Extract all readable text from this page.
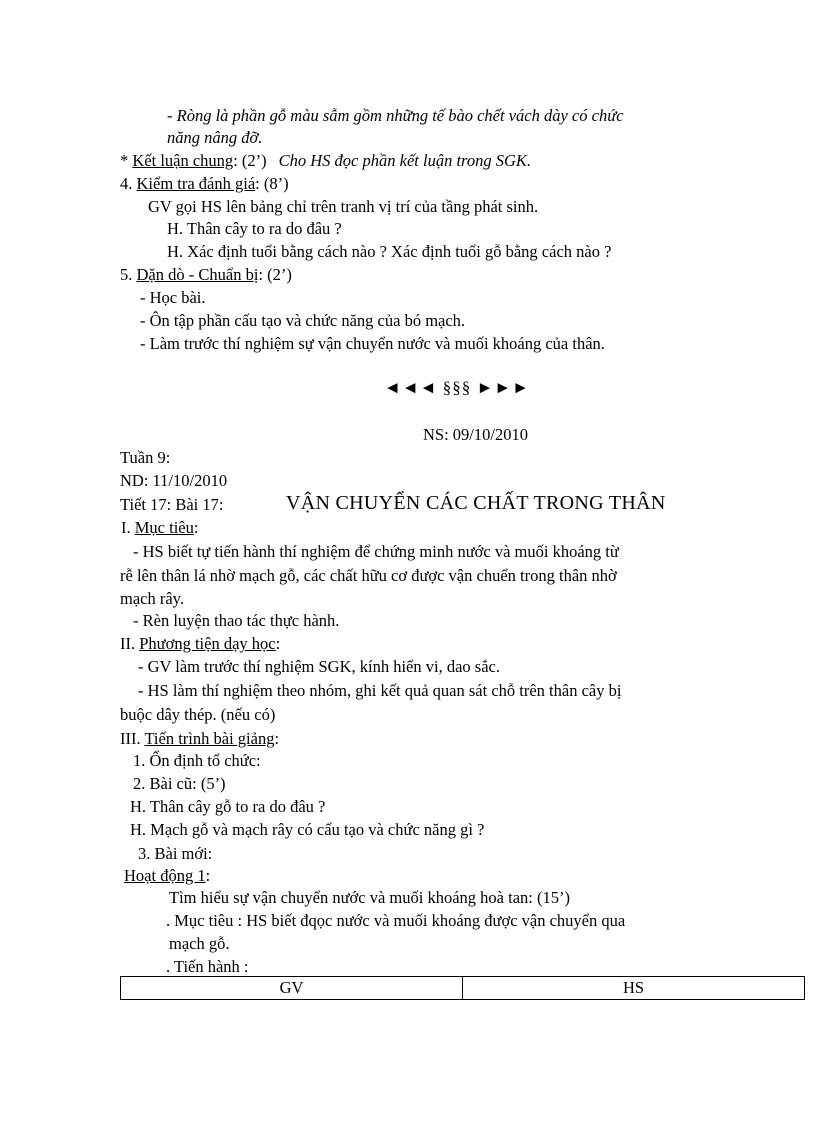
- Ròng là phần gỗ màu sẫm gồm những tế bào chết vách dày có chức
năng nâng đỡ.
* Kết luận chung: (2’) Cho HS đọc phần kết luận trong SGK.
4. Kiểm tra đánh giá: (8’)
GV gọi HS lên bảng chỉ trên tranh vị trí của tầng phát sinh.
H. Thân cây to ra do đâu ?
H. Xác định tuổi bằng cách nào ? Xác định tuổi gỗ bằng cách nào ?
5. Dặn dò - Chuẩn bị: (2’)
- Học bài.
- Ôn tập phần cấu tạo và chức năng của bó mạch.
- Làm trước thí nghiệm sự vận chuyển nước và muối khoáng của thân.
◄◄◄ §§§ ►►►
NS: 09/10/2010
Tuần 9:
ND: 11/10/2010
Tiết 17: Bài 17:	VẬN CHUYỂN CÁC CHẤT TRONG THÂN
I. Mục tiêu:
- HS biết tự tiến hành thí nghiệm để chứng minh nước và muối khoáng từ
rễ lên thân lá nhờ mạch gỗ, các chất hữu cơ được vận chuển trong thân nhờ
mạch rây.
- Rèn luyện thao tác thực hành.
II. Phương tiện dạy học:
- GV làm trước thí nghiệm SGK, kính hiển vi, dao sắc.
- HS làm thí nghiệm theo nhóm, ghi kết quả quan sát chỗ trên thân cây bị
buộc dây thép. (nếu có)
III. Tiến trình bài giảng:
1. Ổn định tổ chức:
2. Bài cũ: (5’)
H. Thân cây gỗ to ra do đâu ?
H. Mạch gỗ và mạch rây có cấu tạo và chức năng gì ?
3. Bài mới:
Hoạt động 1:
Tìm hiểu sự vận chuyển nước và muối khoáng hoà tan: (15’)
. Mục tiêu : HS biết đqọc nước và muối khoáng được vận chuyển qua
mạch gỗ.
. Tiến hành :
GV	HS
